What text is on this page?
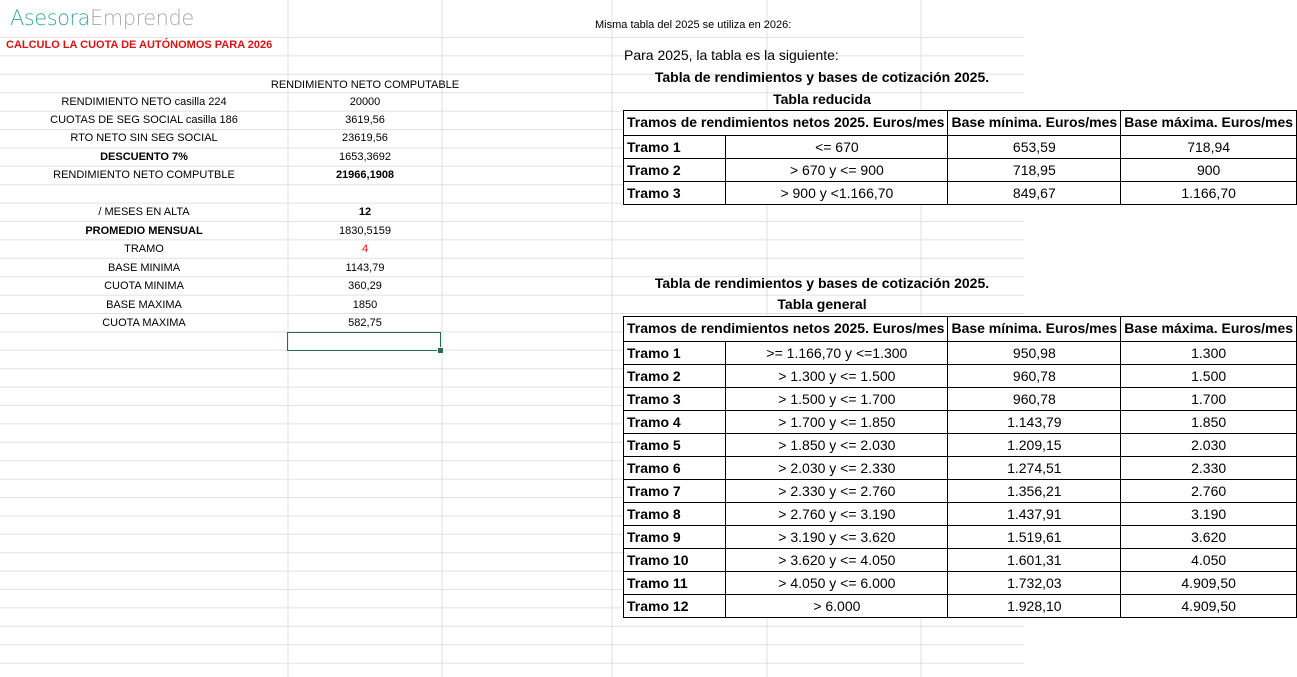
AsesoraEmprende
CALCULO LA CUOTA DE AUTÓNOMOS PARA 2026
RENDIMIENTO NETO COMPUTABLE
RENDIMIENTO NETO casilla 224	20000
CUOTAS DE SEG SOCIAL casilla 186	3619,56
RTO NETO SIN SEG SOCIAL	23619,56
DESCUENTO 7%	1653,3692
RENDIMIENTO NETO COMPUTBLE	21966,1908
/ MESES EN ALTA	12
PROMEDIO MENSUAL	1830,5159
TRAMO	4
BASE MINIMA	1143,79
CUOTA MINIMA	360,29
BASE MAXIMA	1850
CUOTA MAXIMA	582,75
Misma tabla del 2025 se utiliza en 2026:
Para 2025, la tabla es la siguiente:
Tabla de rendimientos y bases de cotización 2025.
Tabla reducida
Tramos de rendimientos netos 2025. Euros/mes		Base mínima. Euros/mes	Base máxima. Euros/mes
Tramo 1	<= 670	653,59	718,94
Tramo 2	> 670 y <= 900	718,95	900
Tramo 3	> 900 y <1.166,70	849,67	1.166,70
Tabla de rendimientos y bases de cotización 2025.
Tabla general
Tramos de rendimientos netos 2025. Euros/mes		Base mínima. Euros/mes	Base máxima. Euros/mes
Tramo 1	>= 1.166,70 y <=1.300	950,98	1.300
Tramo 2	> 1.300 y <= 1.500	960,78	1.500
Tramo 3	> 1.500 y <= 1.700	960,78	1.700
Tramo 4	> 1.700 y <= 1.850	1.143,79	1.850
Tramo 5	> 1.850 y <= 2.030	1.209,15	2.030
Tramo 6	> 2.030 y <= 2.330	1.274,51	2.330
Tramo 7	> 2.330 y <= 2.760	1.356,21	2.760
Tramo 8	> 2.760 y <= 3.190	1.437,91	3.190
Tramo 9	> 3.190 y <= 3.620	1.519,61	3.620
Tramo 10	> 3.620 y <= 4.050	1.601,31	4.050
Tramo 11	> 4.050 y <= 6.000	1.732,03	4.909,50
Tramo 12	> 6.000	1.928,10	4.909,50
